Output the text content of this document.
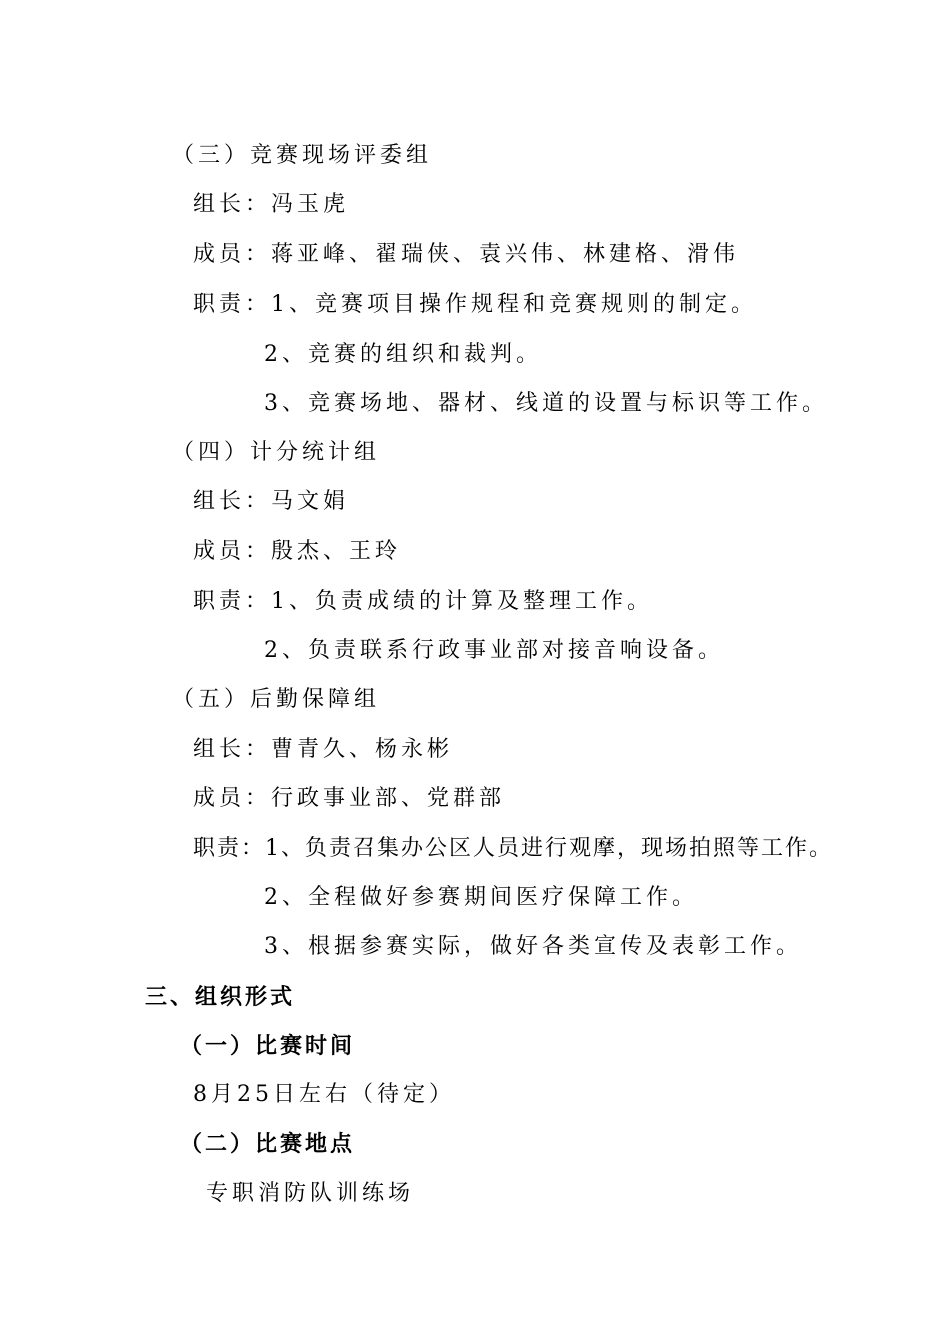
（三）竞赛现场评委组
组长：冯玉虎
成员：蒋亚峰、翟瑞侠、袁兴伟、林建格、滑伟
职责：1、竞赛项目操作规程和竞赛规则的制定。
2、竞赛的组织和裁判。
3、竞赛场地、器材、线道的设置与标识等工作。
（四）计分统计组
组长：马文娟
成员：殷杰、王玲
职责：1、负责成绩的计算及整理工作。
2、负责联系行政事业部对接音响设备。
（五）后勤保障组
组长：曹青久、杨永彬
成员：行政事业部、党群部
职责：1、负责召集办公区人员进行观摩，现场拍照等工作。
2、全程做好参赛期间医疗保障工作。
3、根据参赛实际，做好各类宣传及表彰工作。
三、组织形式
（一）比赛时间
8月25日左右（待定）
（二）比赛地点
专职消防队训练场
